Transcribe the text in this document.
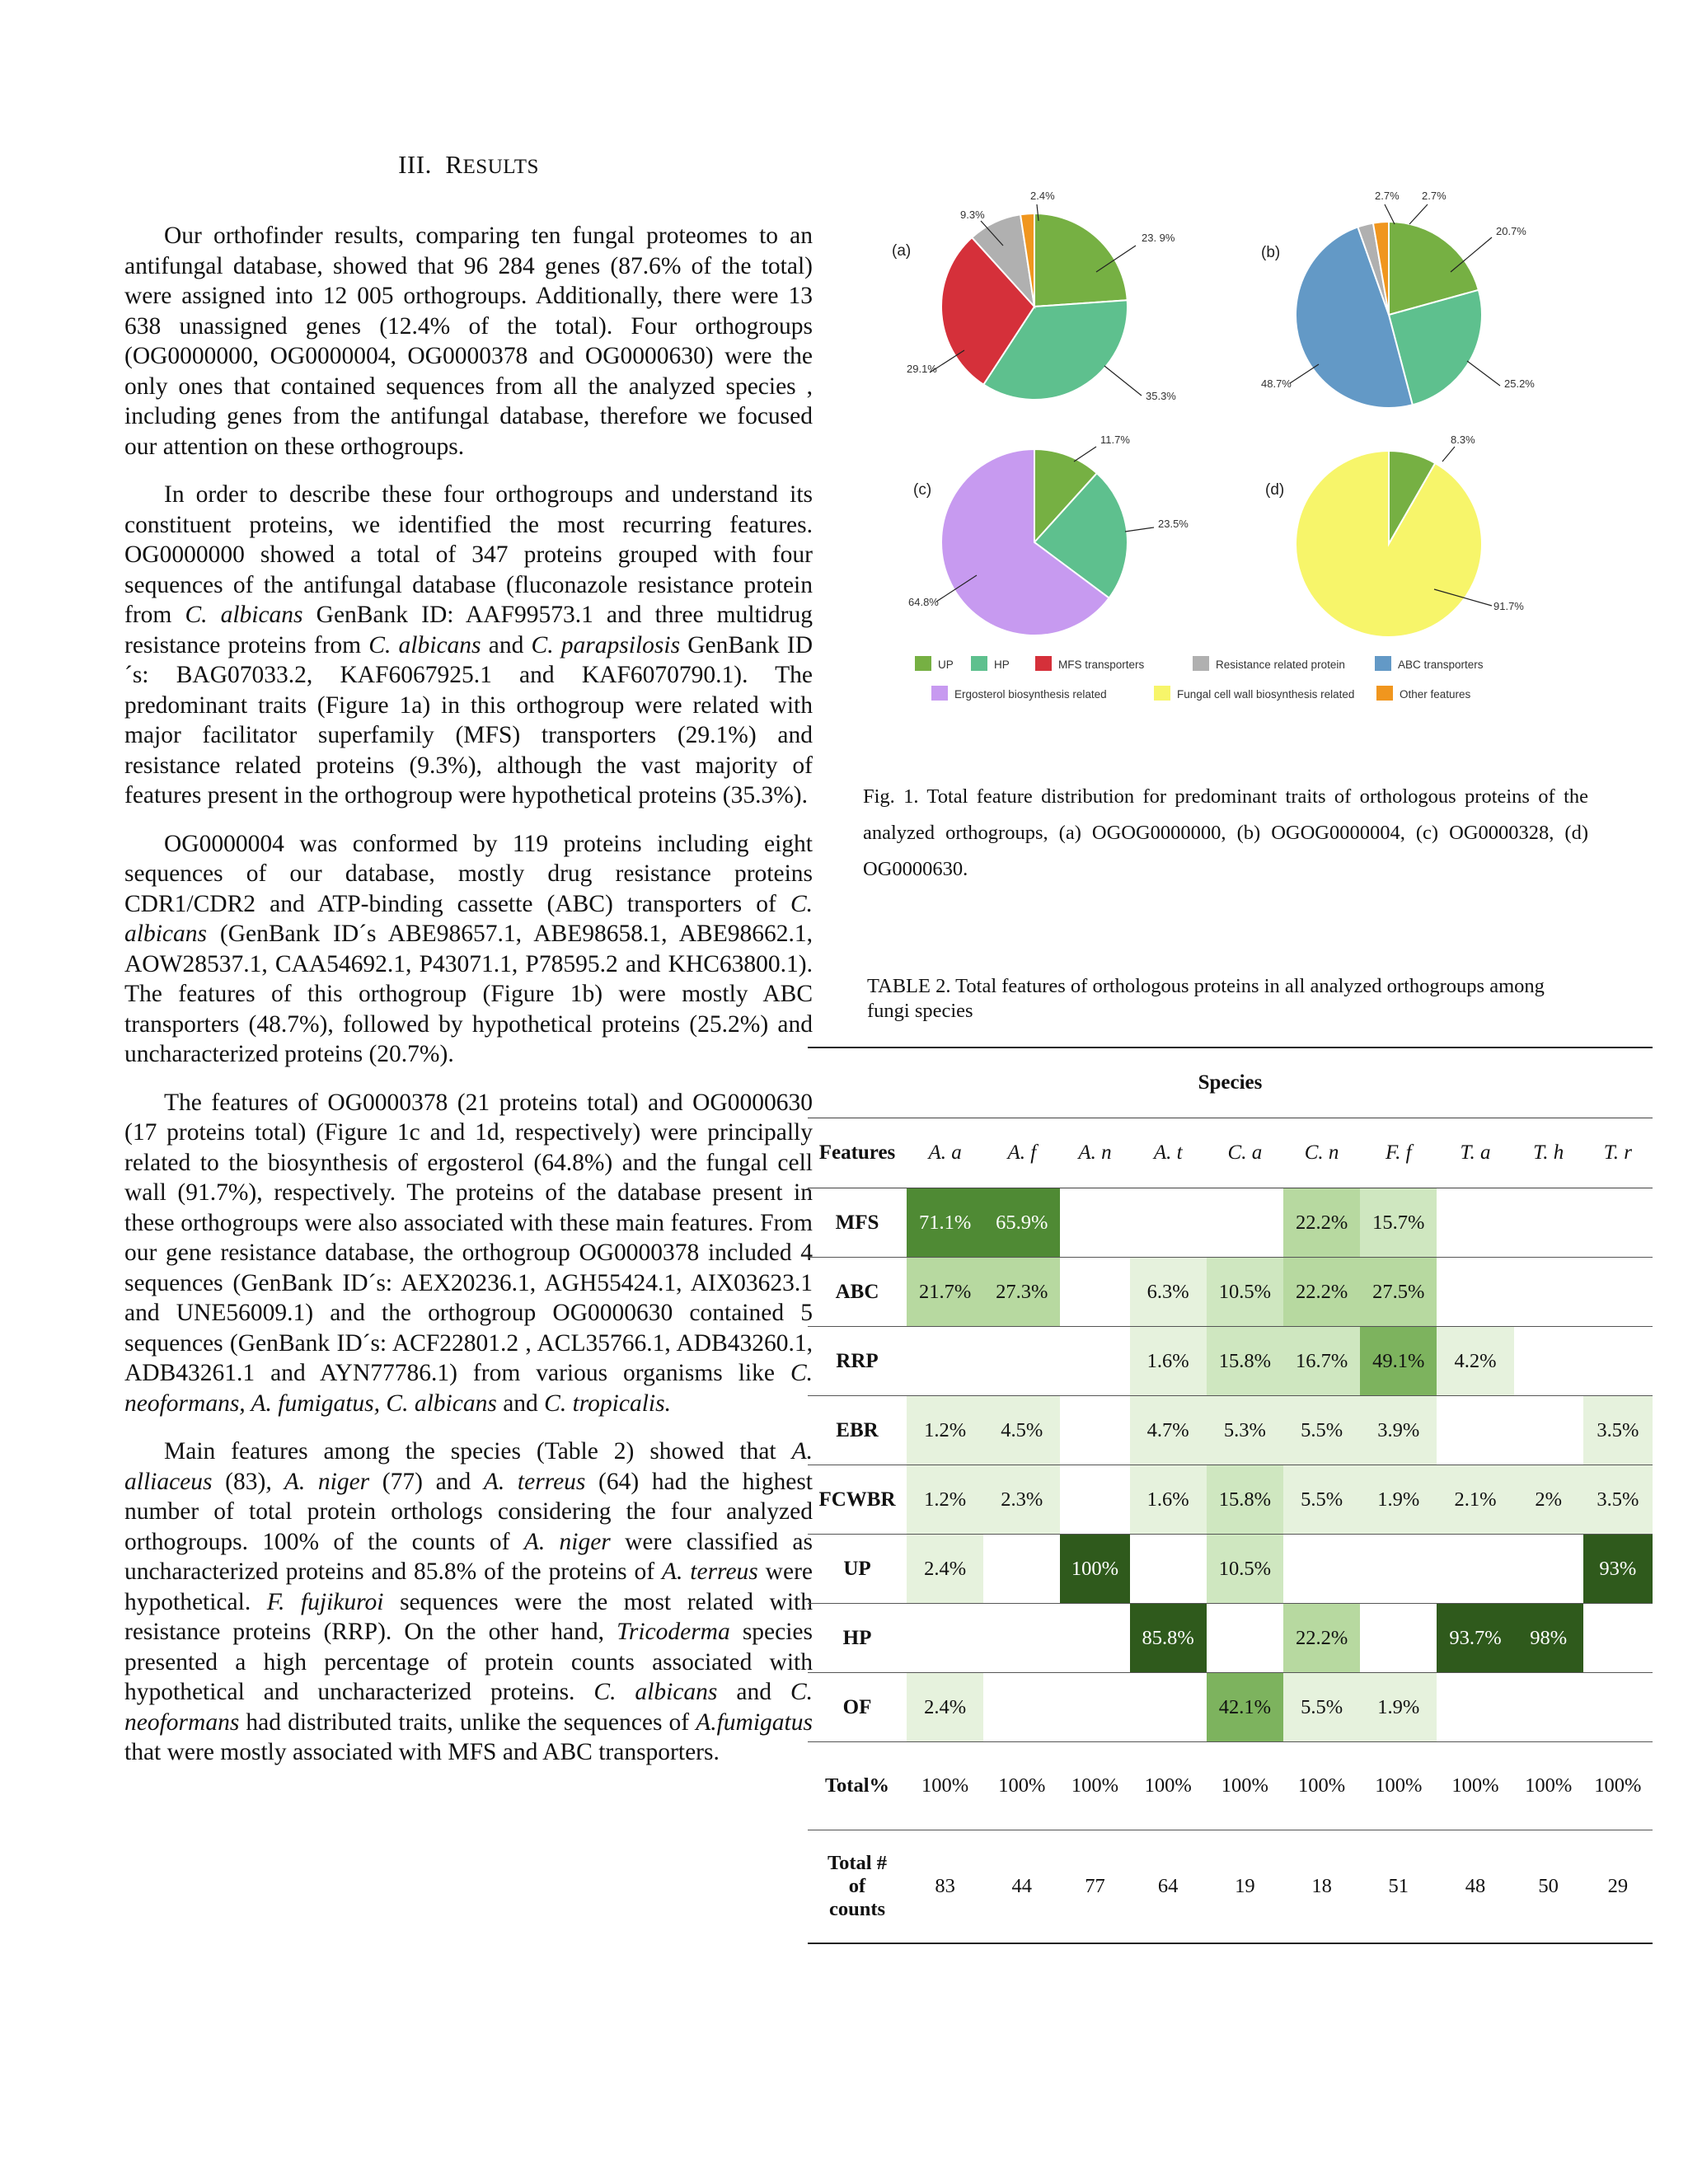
III. RESULTS

Our orthofinder results, comparing ten fungal proteomes to an antifungal database, showed that 96 284 genes (87.6% of the total) were assigned into 12 005 orthogroups. Additionally, there were 13 638 unassigned genes (12.4% of the total). Four orthogroups (OG0000000, OG0000004, OG0000378 and OG0000630) were the only ones that contained sequences from all the analyzed species , including genes from the antifungal database, therefore we focused our attention on these orthogroups.

In order to describe these four orthogroups and understand its constituent proteins, we identified the most recurring features. OG0000000 showed a total of 347 proteins grouped with four sequences of the antifungal database (fluconazole resistance protein from C. albicans GenBank ID: AAF99573.1 and three multidrug resistance proteins from C. albicans and C. parapsilosis GenBank ID´s: BAG07033.2, KAF6067925.1 and KAF6070790.1). The predominant traits (Figure 1a) in this orthogroup were related with major facilitator superfamily (MFS) transporters (29.1%) and resistance related proteins (9.3%), although the vast majority of features present in the orthogroup were hypothetical proteins (35.3%).

OG0000004 was conformed by 119 proteins including eight sequences of our database, mostly drug resistance proteins CDR1/CDR2 and ATP-binding cassette (ABC) transporters of C. albicans (GenBank ID´s ABE98657.1, ABE98658.1, ABE98662.1, AOW28537.1, CAA54692.1, P43071.1, P78595.2 and KHC63800.1). The features of this orthogroup (Figure 1b) were mostly ABC transporters (48.7%), followed by hypothetical proteins (25.2%) and uncharacterized proteins (20.7%).

The features of OG0000378 (21 proteins total) and OG0000630 (17 proteins total) (Figure 1c and 1d, respectively) were principally related to the biosynthesis of ergosterol (64.8%) and the fungal cell wall (91.7%), respectively. The proteins of the database present in these orthogroups were also associated with these main features. From our gene resistance database, the orthogroup OG0000378 included 4 sequences (GenBank ID´s: AEX20236.1, AGH55424.1, AIX03623.1 and UNE56009.1) and the orthogroup OG0000630 contained 5 sequences (GenBank ID´s: ACF22801.2 , ACL35766.1, ADB43260.1, ADB43261.1 and AYN77786.1) from various organisms like C. neoformans, A. fumigatus, C. albicans and C. tropicalis.

Main features among the species (Table 2) showed that A. alliaceus (83), A. niger (77) and A. terreus (64) had the highest number of total protein orthologs considering the four analyzed orthogroups. 100% of the counts of A. niger were classified as uncharacterized proteins and 85.8% of the proteins of A. terreus were hypothetical. F. fujikuroi sequences were the most related with resistance proteins (RRP). On the other hand, Tricoderma species presented a high percentage of protein counts associated with hypothetical and uncharacterized proteins. C. albicans and C. neoformans had distributed traits, unlike the sequences of A.fumigatus that were mostly associated with MFS and ABC transporters.

(a)
23. 9%
35.3%
29.1%
9.3%
2.4%
(b)
20.7%
25.2%
48.7%
2.7% 2.7%
(c)
11.7%
23.5%
64.8%
(d)
8.3%
91.7%
UP	HP	MFS transporters	Resistance related protein	ABC transporters
Ergosterol biosynthesis related	Fungal cell wall biosynthesis related	Other features
Fig. 1. Total feature distribution for predominant traits of orthologous proteins of the analyzed orthogroups, (a) OGOG0000000, (b) OGOG0000004, (c) OG0000328, (d) OG0000630.
TABLE 2. Total features of orthologous proteins in all analyzed orthogroups among fungi species
Species										
Features	A. a	A. f	A. n	A. t	C. a	C. n	F. f	T. a	T. h	T. r
MFS	71.1%	65.9%				22.2%	15.7%			
ABC	21.7%	27.3%		6.3%	10.5%	22.2%	27.5%			
RRP				1.6%	15.8%	16.7%	49.1%	4.2%		
EBR	1.2%	4.5%		4.7%	5.3%	5.5%	3.9%			3.5%
FCWBR	1.2%	2.3%		1.6%	15.8%	5.5%	1.9%	2.1%	2%	3.5%
UP	2.4%		100%		10.5%					93%
HP				85.8%		22.2%		93.7%	98%	
OF	2.4%				42.1%	5.5%	1.9%			
Total%	100%	100%	100%	100%	100%	100%	100%	100%	100%	100%
Total #
of
counts	83	44	77	64	19	18	51	48	50	29
